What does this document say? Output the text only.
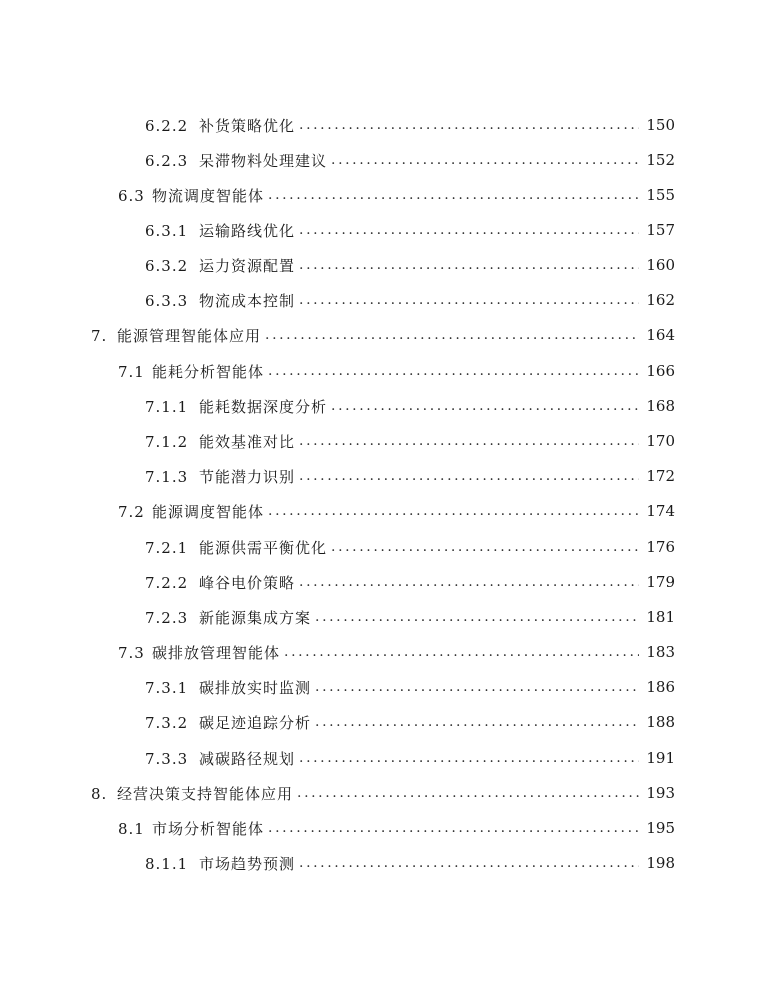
6.2.2 补货策略优化 .....	150
6.2.3 呆滞物料处理建议 .....	152
6.3 物流调度智能体 .....	155
6.3.1 运输路线优化 .....	157
6.3.2 运力资源配置 .....	160
6.3.3 物流成本控制 .....	162
7. 能源管理智能体应用 .....	164
7.1 能耗分析智能体 .....	166
7.1.1 能耗数据深度分析 .....	168
7.1.2 能效基准对比 .....	170
7.1.3 节能潜力识别 .....	172
7.2 能源调度智能体 .....	174
7.2.1 能源供需平衡优化 .....	176
7.2.2 峰谷电价策略 .....	179
7.2.3 新能源集成方案 .....	181
7.3 碳排放管理智能体 .....	183
7.3.1 碳排放实时监测 .....	186
7.3.2 碳足迹追踪分析 .....	188
7.3.3 减碳路径规划 .....	191
8. 经营决策支持智能体应用 .....	193
8.1 市场分析智能体 .....	195
8.1.1 市场趋势预测 .....	198
